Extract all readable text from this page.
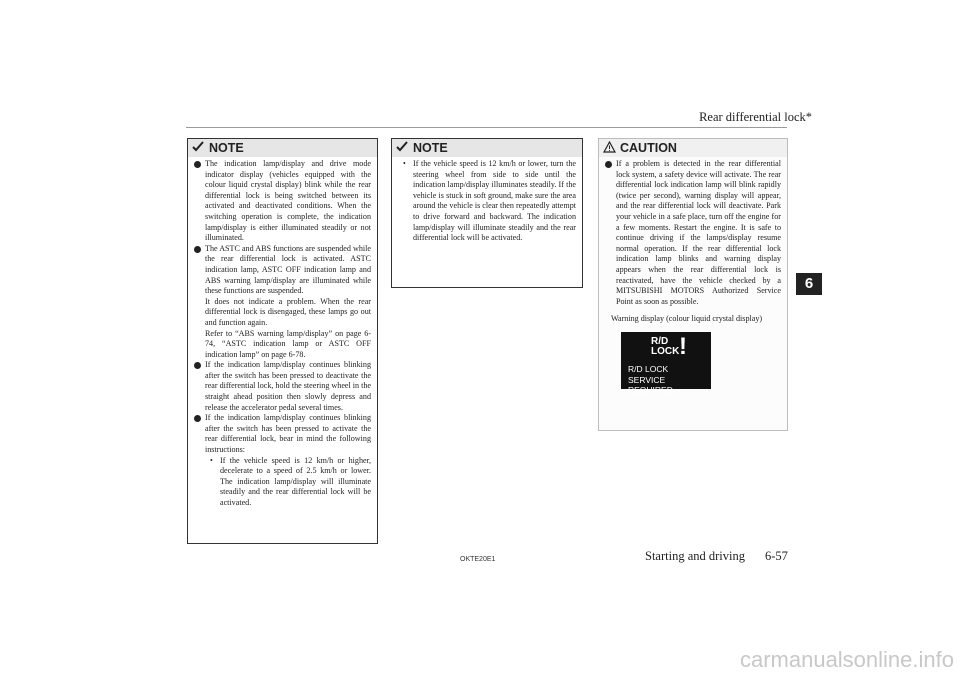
Rear differential lock*
6
NOTE
The indication lamp/display and drive mode indicator display (vehicles equipped with the colour liquid crystal display) blink while the rear differential lock is being switched between its activated and deactivated conditions. When the switching operation is complete, the indication lamp/display is either illuminated steadily or not illuminated.
The ASTC and ABS functions are suspended while the rear differential lock is activated. ASTC indication lamp, ASTC OFF indication lamp and ABS warning lamp/display are illuminated while these functions are suspended.
It does not indicate a problem. When the rear differential lock is disengaged, these lamps go out and function again.
Refer to “ABS warning lamp/display” on page 6-74, “ASTC indication lamp or ASTC OFF indication lamp” on page 6-78.
If the indication lamp/display continues blinking after the switch has been pressed to deactivate the rear differential lock, hold the steering wheel in the straight ahead position then slowly depress and release the accelerator pedal several times.
If the indication lamp/display continues blinking after the switch has been pressed to activate the rear differential lock, bear in mind the following instructions:
• If the vehicle speed is 12 km/h or higher, decelerate to a speed of 2.5 km/h or lower. The indication lamp/display will illuminate steadily and the rear differential lock will be activated.
NOTE
• If the vehicle speed is 12 km/h or lower, turn the steering wheel from side to side until the indication lamp/display illuminates steadily. If the vehicle is stuck in soft ground, make sure the area around the vehicle is clear then repeatedly attempt to drive forward and backward. The indication lamp/display will illuminate steadily and the rear differential lock will be activated.
CAUTION
If a problem is detected in the rear differential lock system, a safety device will activate. The rear differential lock indication lamp will blink rapidly (twice per second), warning display will appear, and the rear differential lock will deactivate. Park your vehicle in a safe place, turn off the engine for a few moments. Restart the engine. It is safe to continue driving if the lamps/display resume normal operation. If the rear differential lock indication lamp blinks and warning display appears when the rear differential lock is reactivated, have the vehicle checked by a MITSUBISHI MOTORS Authorized Service Point as soon as possible.
Warning display (colour liquid crystal display)
R/D
LOCK !
R/D LOCK
SERVICE REQUIRED
OKTE20E1	Starting and driving 6-57
carmanualsonline.info
